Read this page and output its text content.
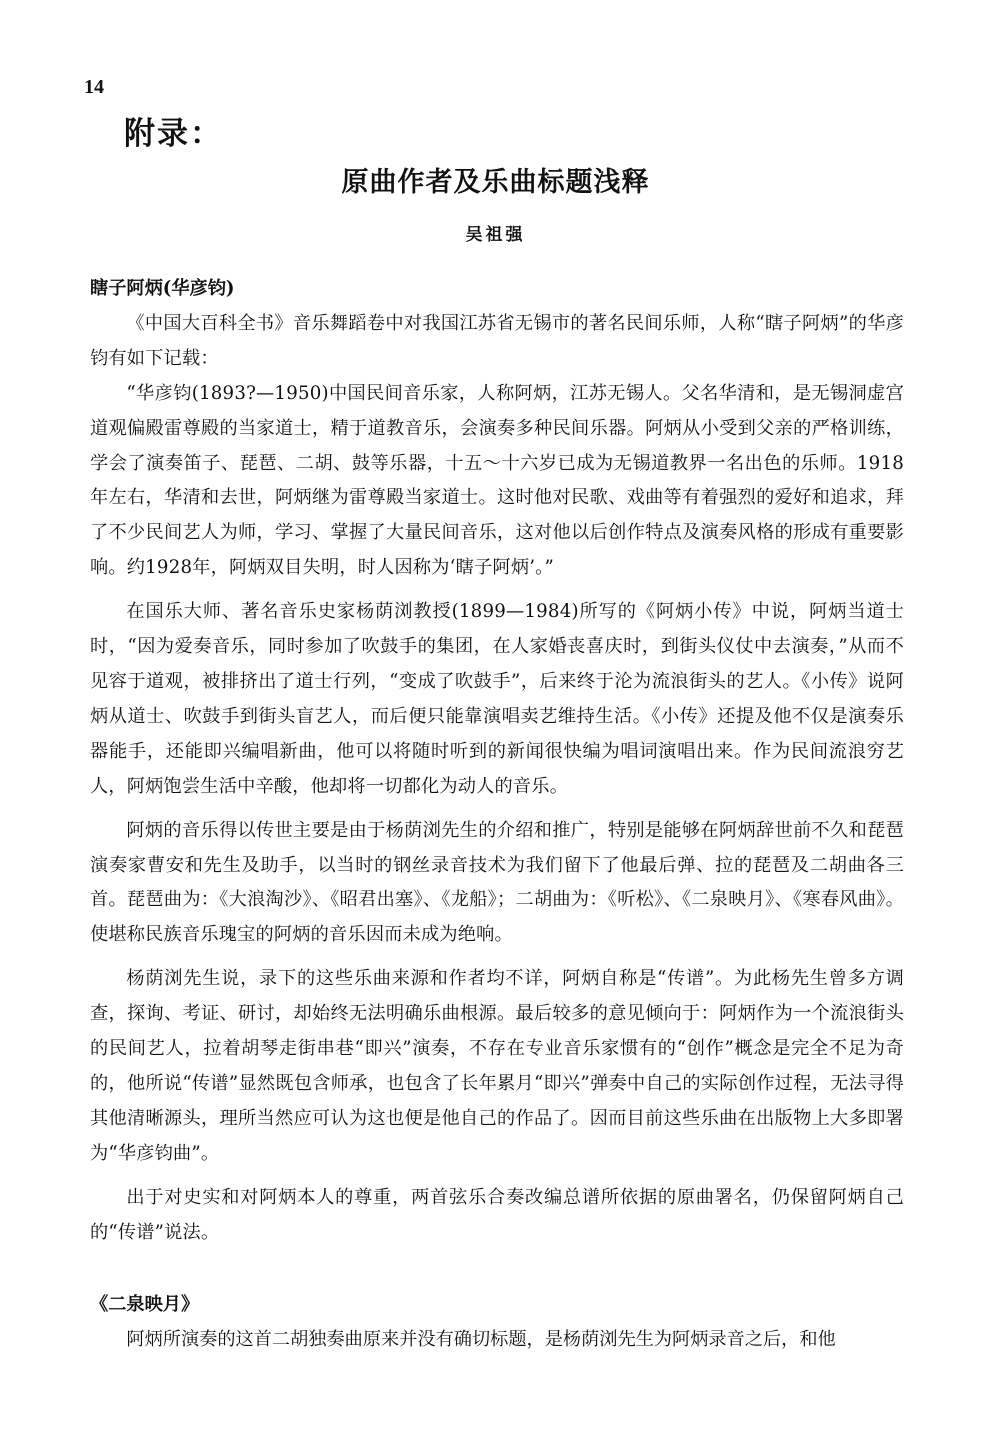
14
附录：
原曲作者及乐曲标题浅释
吴祖强

瞎子阿炳(华彦钧)

《中国大百科全书》音乐舞蹈卷中对我国江苏省无锡市的著名民间乐师，人称“瞎子阿炳”的华彦钧有如下记载：

“华彦钧(1893?—1950)中国民间音乐家，人称阿炳，江苏无锡人。父名华清和，是无锡洞虚宫道观偏殿雷尊殿的当家道士，精于道教音乐，会演奏多种民间乐器。阿炳从小受到父亲的严格训练，学会了演奏笛子、琵琶、二胡、鼓等乐器，十五～十六岁已成为无锡道教界一名出色的乐师。1918年左右，华清和去世，阿炳继为雷尊殿当家道士。这时他对民歌、戏曲等有着强烈的爱好和追求，拜了不少民间艺人为师，学习、掌握了大量民间音乐，这对他以后创作特点及演奏风格的形成有重要影响。约1928年，阿炳双目失明，时人因称为‘瞎子阿炳’。”

在国乐大师、著名音乐史家杨荫浏教授(1899—1984)所写的《阿炳小传》中说，阿炳当道士时，“因为爱奏音乐，同时参加了吹鼓手的集团，在人家婚丧喜庆时，到街头仪仗中去演奏，”从而不见容于道观，被排挤出了道士行列，“变成了吹鼓手”，后来终于沦为流浪街头的艺人。《小传》说阿炳从道士、吹鼓手到街头盲艺人，而后便只能靠演唱卖艺维持生活。《小传》还提及他不仅是演奏乐器能手，还能即兴编唱新曲，他可以将随时听到的新闻很快编为唱词演唱出来。作为民间流浪穷艺人，阿炳饱尝生活中辛酸，他却将一切都化为动人的音乐。

阿炳的音乐得以传世主要是由于杨荫浏先生的介绍和推广，特别是能够在阿炳辞世前不久和琵琶演奏家曹安和先生及助手，以当时的钢丝录音技术为我们留下了他最后弹、拉的琵琶及二胡曲各三首。琵琶曲为：《大浪淘沙》、《昭君出塞》、《龙船》；二胡曲为：《听松》、《二泉映月》、《寒春风曲》。使堪称民族音乐瑰宝的阿炳的音乐因而未成为绝响。

杨荫浏先生说，录下的这些乐曲来源和作者均不详，阿炳自称是“传谱”。为此杨先生曾多方调查，探询、考证、研讨，却始终无法明确乐曲根源。最后较多的意见倾向于：阿炳作为一个流浪街头的民间艺人，拉着胡琴走街串巷“即兴”演奏，不存在专业音乐家惯有的“创作”概念是完全不足为奇的，他所说“传谱”显然既包含师承，也包含了长年累月“即兴”弹奏中自己的实际创作过程，无法寻得其他清晰源头，理所当然应可认为这也便是他自己的作品了。因而目前这些乐曲在出版物上大多即署为“华彦钧曲”。

出于对史实和对阿炳本人的尊重，两首弦乐合奏改编总谱所依据的原曲署名，仍保留阿炳自己的“传谱”说法。

《二泉映月》

阿炳所演奏的这首二胡独奏曲原来并没有确切标题，是杨荫浏先生为阿炳录音之后，和他
